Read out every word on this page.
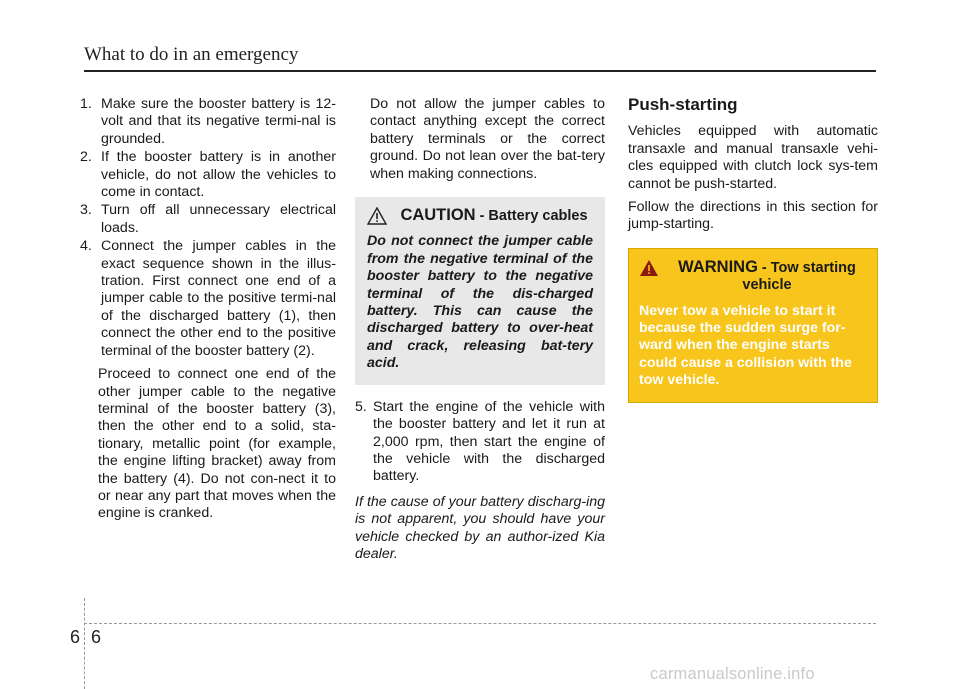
What to do in an emergency
1. Make sure the booster battery is 12-volt and that its negative termi-nal is grounded.
2. If the booster battery is in another vehicle, do not allow the vehicles to come in contact.
3. Turn off all unnecessary electrical loads.
4. Connect the jumper cables in the exact sequence shown in the illus-tration. First connect one end of a jumper cable to the positive termi-nal of the discharged battery (1), then connect the other end to the positive terminal of the booster battery (2).
Proceed to connect one end of the other jumper cable to the negative terminal of the booster battery (3), then the other end to a solid, sta-tionary, metallic point (for example, the engine lifting bracket) away from the battery (4). Do not con-nect it to or near any part that moves when the engine is cranked.
Do not allow the jumper cables to contact anything except the correct battery terminals or the correct ground. Do not lean over the bat-tery when making connections.
CAUTION - Battery cables
Do not connect the jumper cable from the negative terminal of the booster battery to the negative terminal of the dis-charged battery. This can cause the discharged battery to over-heat and crack, releasing bat-tery acid.
5. Start the engine of the vehicle with the booster battery and let it run at 2,000 rpm, then start the engine of the vehicle with the discharged battery.
If the cause of your battery discharg-ing is not apparent, you should have your vehicle checked by an author-ized Kia dealer.
Push-starting
Vehicles equipped with automatic transaxle and manual transaxle vehi-cles equipped with clutch lock sys-tem cannot be push-started.
Follow the directions in this section for jump-starting.
WARNING - Tow starting vehicle
Never tow a vehicle to start it because the sudden surge for-ward when the engine starts could cause a collision with the tow vehicle.
6 6
carmanualsonline.info
